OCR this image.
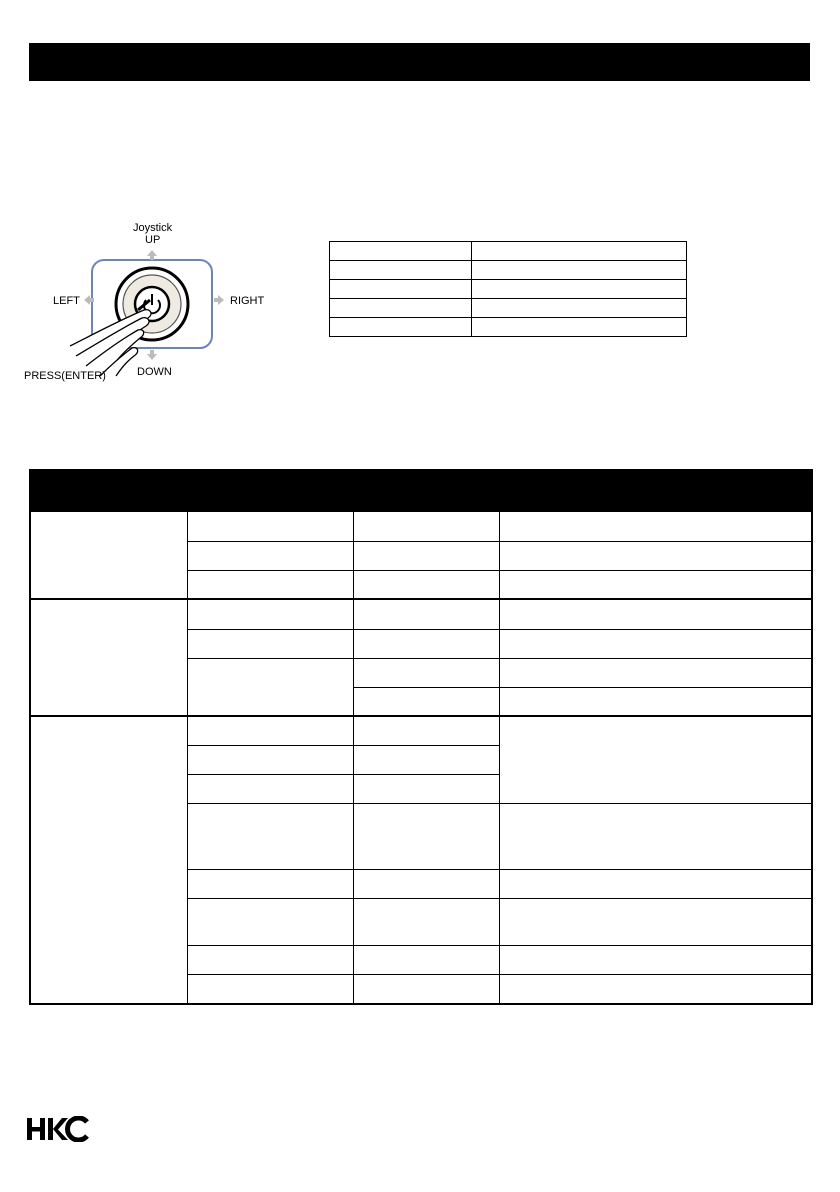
Joystick
UP
LEFT	RIGHT
DOWN
PRESS(ENTER)
